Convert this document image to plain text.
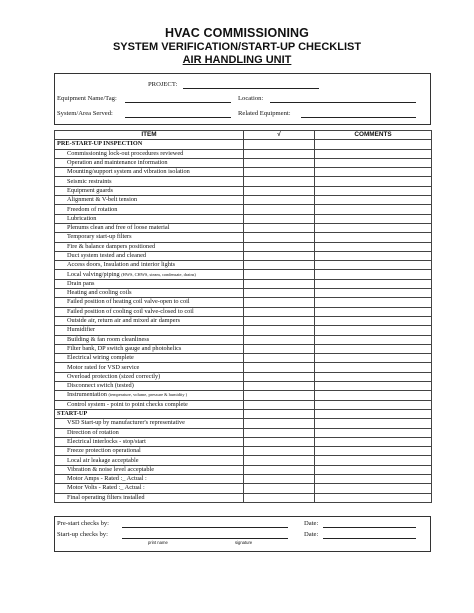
HVAC COMMISSIONING
SYSTEM VERIFICATION/START-UP CHECKLIST
AIR HANDLING UNIT
PROJECT:
Equipment Name/Tag:	Location:
System/Area Served:	Related Equipment:
ITEM	√	COMMENTS
PRE-START-UP INSPECTION		
Commissioning lock-out procedures reviewed		
Operation and maintenance information		
Mounting/support system and vibration isolation		
Seismic restraints		
Equipment guards		
Alignment & V-belt tension		
Freedom of rotation		
Lubrication		
Plenums clean and free of loose material		
Temporary start-up filters		
Fire & balance dampers positioned		
Duct system tested and cleaned		
Access doors, Insulation and interior lights		
Local valving/piping (HWS, CHWS, steam, condensate, drains)		
Drain pans		
Heating and cooling coils		
Failed position of heating coil valve-open to coil		
Failed position of cooling coil valve-closed to coil		
Outside air, return air and mixed air dampers		
Humidifier		
Building & fan room cleanliness		
Filter bank, DP switch gauge and photohelics		
Electrical wiring complete		
Motor rated for VSD service		
Overload protection (sized correctly)		
Disconnect switch (tested)		
Instrumentation (temperature, volume, pressure & humidity )		
Control system - point to point checks complete		
START-UP		
VSD Start-up by manufacturer's representative		
Direction of rotation		
Electrical interlocks - stop/start		
Freeze protection operational		
Local air leakage acceptable		
Vibration & noise level acceptable		
Motor Amps - Rated :_ Actual :		
Motor Volts - Rated :_ Actual :		
Final operating filters installed		
Pre-start checks by:	Date:
Start-up checks by:	Date:
print name	signature
